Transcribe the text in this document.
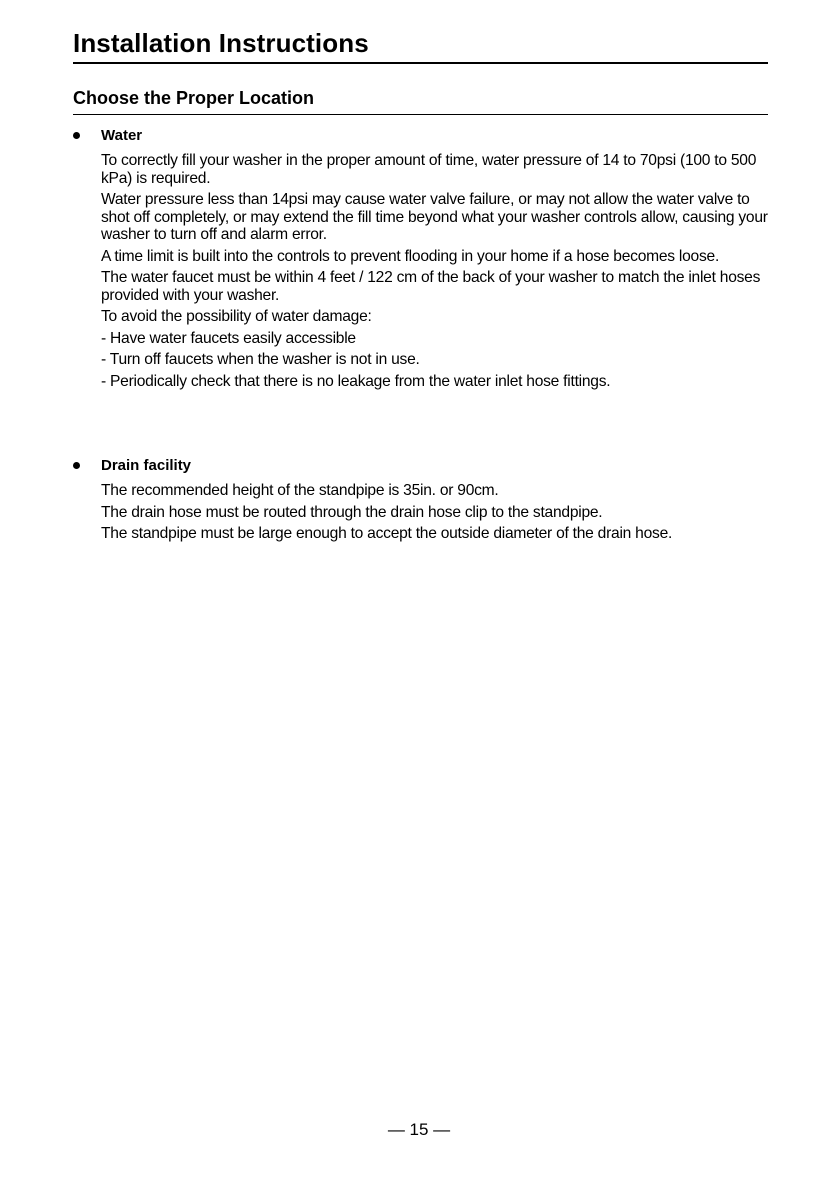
Installation Instructions
Choose the Proper Location
Water

To correctly fill your washer in the proper amount of time, water pressure of 14 to 70psi (100 to 500 kPa) is required.

Water pressure less than 14psi may cause water valve failure, or may not allow the water valve to shot off completely, or may extend the fill time beyond what your washer controls allow, causing your washer to turn off and alarm error.

A time limit is built into the controls to prevent flooding in your home if a hose becomes loose.

The water faucet must be within 4 feet / 122 cm of the back of your washer to match the inlet hoses provided with your washer.

To avoid the possibility of water damage:

- Have water faucets easily accessible

- Turn off faucets when the washer is not in use.

- Periodically check that there is no leakage from the water inlet hose fittings.

Drain facility

The recommended height of the standpipe is 35in. or 90cm.

The drain hose must be routed through the drain hose clip to the standpipe.

The standpipe must be large enough to accept the outside diameter of the drain hose.

— 15 —
